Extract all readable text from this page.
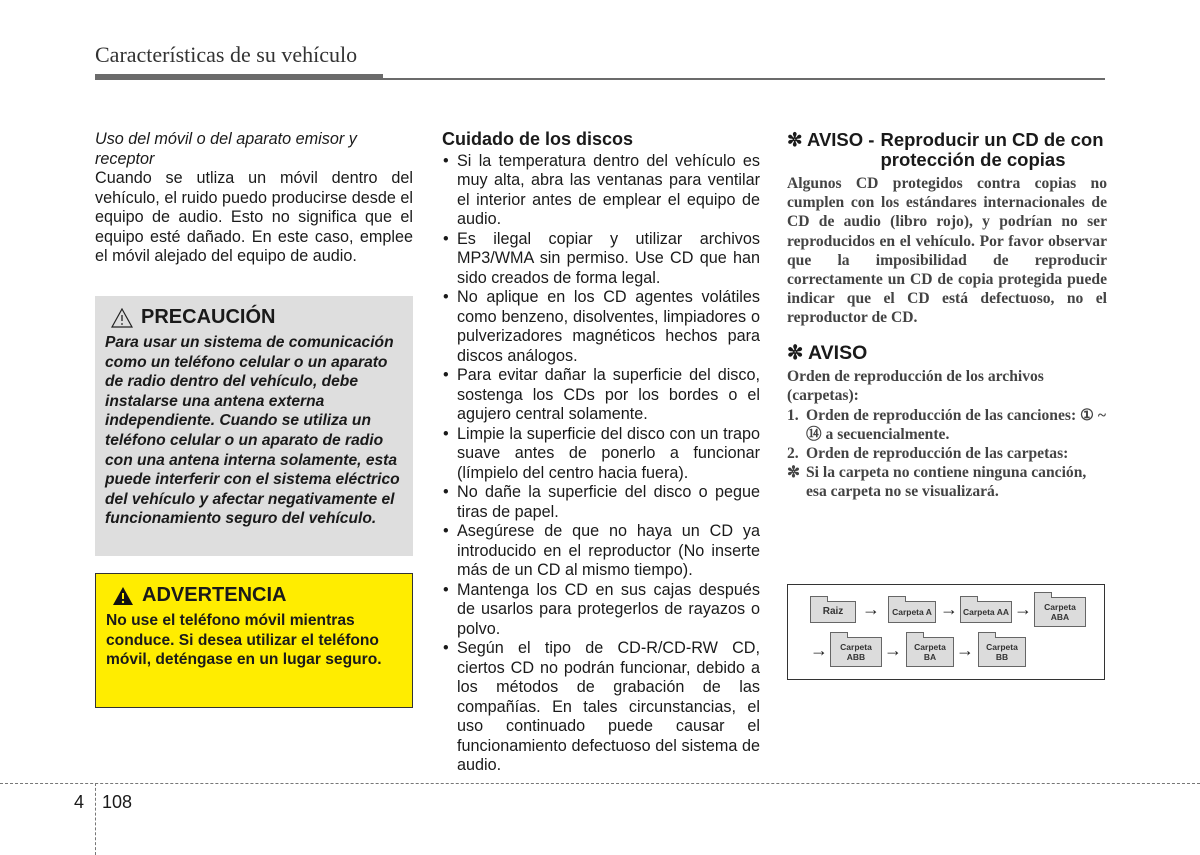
Características de su vehículo

Uso del móvil o del aparato emisor y receptor

Cuando se utliza un móvil dentro del vehículo, el ruido puedo producirse desde el equipo de audio. Esto no significa que el equipo esté dañado. En este caso, emplee el móvil alejado del equipo de audio.

PRECAUCIÓN

Para usar un sistema de comunicación como un teléfono celular o un aparato de radio dentro del vehículo, debe instalarse una antena externa independiente. Cuando se utiliza un teléfono celular o un aparato de radio con una antena interna solamente, esta puede interferir con el sistema eléctrico del vehículo y afectar negativamente el funcionamiento seguro del vehículo.

ADVERTENCIA

No use el teléfono móvil mientras conduce. Si desea utilizar el teléfono móvil, deténgase en un lugar seguro.

Cuidado de los discos

• Si la temperatura dentro del vehículo es muy alta, abra las ventanas para ventilar el interior antes de emplear el equipo de audio.
• Es ilegal copiar y utilizar archivos MP3/WMA sin permiso. Use CD que han sido creados de forma legal.
• No aplique en los CD agentes volátiles como benzeno, disolventes, limpiadores o pulverizadores magnéticos hechos para discos análogos.
• Para evitar dañar la superficie del disco, sostenga los CDs por los bordes o el agujero central solamente.
• Limpie la superficie del disco con un trapo suave antes de ponerlo a funcionar (límpielo del centro hacia fuera).
• No dañe la superficie del disco o pegue tiras de papel.
• Asegúrese de que no haya un CD ya introducido en el reproductor (No inserte más de un CD al mismo tiempo).
• Mantenga los CD en sus cajas después de usarlos para protegerlos de rayazos o polvo.
• Según el tipo de CD-R/CD-RW CD, ciertos CD no podrán funcionar, debido a los métodos de grabación de las compañías. En tales circunstancias, el uso continuado puede causar el funcionamiento defectuoso del sistema de audio.
✼ AVISO - Reproducir un CD de con protección de copias

Algunos CD protegidos contra copias no cumplen con los estándares internacionales de CD de audio (libro rojo), y podrían no ser reproducidos en el vehículo. Por favor observar que la imposibilidad de reproducir correctamente un CD de copia protegida puede indicar que el CD está defectuoso, no el reproductor de CD.

✼ AVISO

Orden de reproducción de los archivos (carpetas):

1. Orden de reproducción de las canciones: ① ~ ⑭ a secuencialmente.
2. Orden de reproducción de las carpetas:
✼ Si la carpeta no contiene ninguna canción, esa carpeta no se visualizará.
Raiz	→	Carpeta A → Carpeta AA →	Carpeta ABA
→	Carpeta ABB	→	Carpeta BA	→	Carpeta BB
4 108
